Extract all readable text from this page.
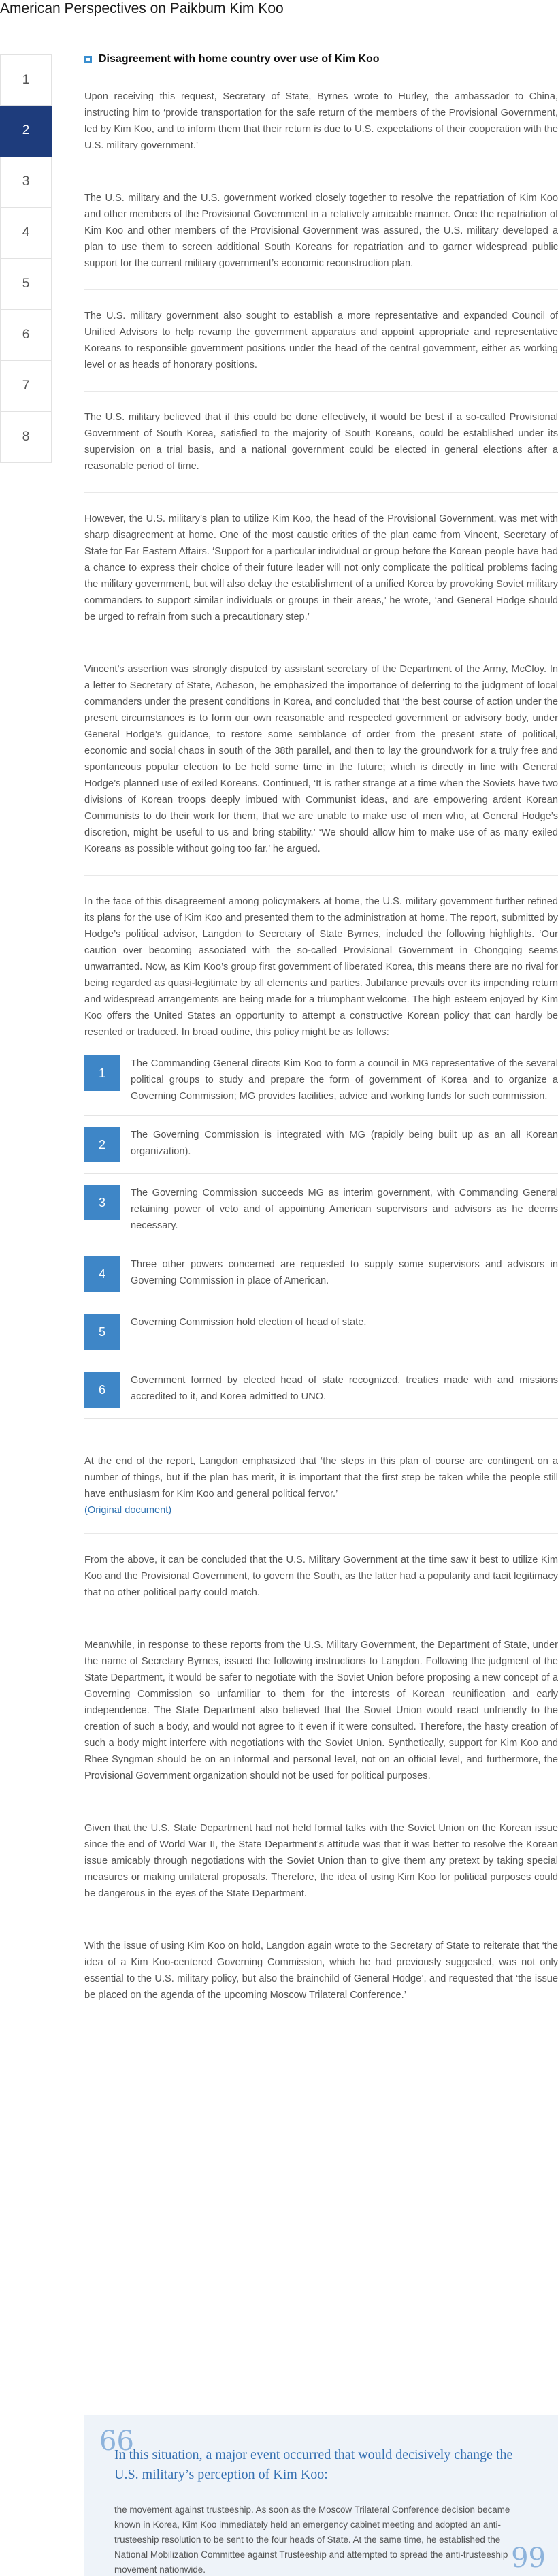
American Perspectives on Paikbum Kim Koo
1
2
3
4
5
6
7
8
Disagreement with home country over use of Kim Koo

Upon receiving this request, Secretary of State, Byrnes wrote to Hurley, the ambassador to China, instructing him to ‘provide transportation for the safe return of the members of the Provisional Government, led by Kim Koo, and to inform them that their return is due to U.S. expectations of their cooperation with the U.S. military government.’

The U.S. military and the U.S. government worked closely together to resolve the repatriation of Kim Koo and other members of the Provisional Government in a relatively amicable manner. Once the repatriation of Kim Koo and other members of the Provisional Government was assured, the U.S. military developed a plan to use them to screen additional South Koreans for repatriation and to garner widespread public support for the current military government’s economic reconstruction plan.

The U.S. military government also sought to establish a more representative and expanded Council of Unified Advisors to help revamp the government apparatus and appoint appropriate and representative Koreans to responsible government positions under the head of the central government, either as working level or as heads of honorary positions.

The U.S. military believed that if this could be done effectively, it would be best if a so-called Provisional Government of South Korea, satisfied to the majority of South Koreans, could be established under its supervision on a trial basis, and a national government could be elected in general elections after a reasonable period of time.

However, the U.S. military’s plan to utilize Kim Koo, the head of the Provisional Government, was met with sharp disagreement at home. One of the most caustic critics of the plan came from Vincent, Secretary of State for Far Eastern Affairs. ‘Support for a particular individual or group before the Korean people have had a chance to express their choice of their future leader will not only complicate the political problems facing the military government, but will also delay the establishment of a unified Korea by provoking Soviet military commanders to support similar individuals or groups in their areas,’ he wrote, ‘and General Hodge should be urged to refrain from such a precautionary step.’

Vincent’s assertion was strongly disputed by assistant secretary of the Department of the Army, McCloy. In a letter to Secretary of State, Acheson, he emphasized the importance of deferring to the judgment of local commanders under the present conditions in Korea, and concluded that ‘the best course of action under the present circumstances is to form our own reasonable and respected government or advisory body, under General Hodge’s guidance, to restore some semblance of order from the present state of political, economic and social chaos in south of the 38th parallel, and then to lay the groundwork for a truly free and spontaneous popular election to be held some time in the future; which is directly in line with General Hodge’s planned use of exiled Koreans. Continued, ‘It is rather strange at a time when the Soviets have two divisions of Korean troops deeply imbued with Communist ideas, and are empowering ardent Korean Communists to do their work for them, that we are unable to make use of men who, at General Hodge’s discretion, might be useful to us and bring stability.’ ‘We should allow him to make use of as many exiled Koreans as possible without going too far,’ he argued.

In the face of this disagreement among policymakers at home, the U.S. military government further refined its plans for the use of Kim Koo and presented them to the administration at home. The report, submitted by Hodge’s political advisor, Langdon to Secretary of State Byrnes, included the following highlights. ‘Our caution over becoming associated with the so-called Provisional Government in Chongqing seems unwarranted. Now, as Kim Koo’s group first government of liberated Korea, this means there are no rival for being regarded as quasi-legitimate by all elements and parties. Jubilance prevails over its impending return and widespread arrangements are being made for a triumphant welcome. The high esteem enjoyed by Kim Koo offers the United States an opportunity to attempt a constructive Korean policy that can hardly be resented or traduced. In broad outline, this policy might be as follows:

1
The Commanding General directs Kim Koo to form a council in MG representative of the several political groups to study and prepare the form of government of Korea and to organize a Governing Commission; MG provides facilities, advice and working funds for such commission.
2
The Governing Commission is integrated with MG (rapidly being built up as an all Korean organization).
3
The Governing Commission succeeds MG as interim government, with Commanding General retaining power of veto and of appointing American supervisors and advisors as he deems necessary.
4
Three other powers concerned are requested to supply some supervisors and advisors in Governing Commission in place of American.
5
Governing Commission hold election of head of state.
6
Government formed by elected head of state recognized, treaties made with and missions accredited to it, and Korea admitted to UNO.

At the end of the report, Langdon emphasized that ‘the steps in this plan of course are contingent on a number of things, but if the plan has merit, it is important that the first step be taken while the people still have enthusiasm for Kim Koo and general political fervor.’

(Original document)

From the above, it can be concluded that the U.S. Military Government at the time saw it best to utilize Kim Koo and the Provisional Government, to govern the South, as the latter had a popularity and tacit legitimacy that no other political party could match.

Meanwhile, in response to these reports from the U.S. Military Government, the Department of State, under the name of Secretary Byrnes, issued the following instructions to Langdon. Following the judgment of the State Department, it would be safer to negotiate with the Soviet Union before proposing a new concept of a Governing Commission so unfamiliar to them for the interests of Korean reunification and early independence. The State Department also believed that the Soviet Union would react unfriendly to the creation of such a body, and would not agree to it even if it were consulted. Therefore, the hasty creation of such a body might interfere with negotiations with the Soviet Union. Synthetically, support for Kim Koo and Rhee Syngman should be on an informal and personal level, not on an official level, and furthermore, the Provisional Government organization should not be used for political purposes.

Given that the U.S. State Department had not held formal talks with the Soviet Union on the Korean issue since the end of World War II, the State Department’s attitude was that it was better to resolve the Korean issue amicably through negotiations with the Soviet Union than to give them any pretext by taking special measures or making unilateral proposals. Therefore, the idea of using Kim Koo for political purposes could be dangerous in the eyes of the State Department.

With the issue of using Kim Koo on hold, Langdon again wrote to the Secretary of State to reiterate that ‘the idea of a Kim Koo-centered Governing Commission, which he had previously suggested, was not only essential to the U.S. military policy, but also the brainchild of General Hodge’, and requested that ‘the issue be placed on the agenda of the upcoming Moscow Trilateral Conference.’

66

In this situation, a major event occurred that would decisively change the U.S. military’s perception of Kim Koo:

the movement against trusteeship. As soon as the Moscow Trilateral Conference decision became known in Korea, Kim Koo immediately held an emergency cabinet meeting and adopted an anti-trusteeship resolution to be sent to the four heads of State. At the same time, he established the National Mobilization Committee against Trusteeship and attempted to spread the anti-trusteeship movement nationwide.	99
